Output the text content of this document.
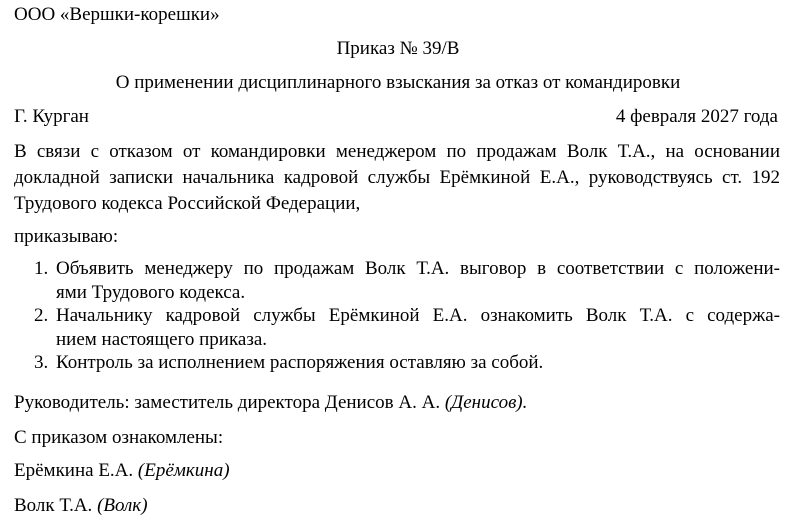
ООО «Вершки-корешки»
Приказ № 39/В
О применении дисциплинарного взыскания за отказ от командировки
Г. Курган	4 февраля 2027 года
В связи с отказом от командировки менеджером по продажам Волк Т.А., на основании
докладной записки начальника кадровой службы Ерёмкиной Е.А., руководствуясь ст. 192
Трудового кодекса Российской Федерации,
приказываю:
1. Объявить менеджеру по продажам Волк Т.А. выговор в соответствии с положени-
ями Трудового кодекса.
2. Начальнику кадровой службы Ерёмкиной Е.А. ознакомить Волк Т.А. с содержа-
нием настоящего приказа.
3. Контроль за исполнением распоряжения оставляю за собой.
Руководитель: заместитель директора Денисов А. А. (Денисов).
С приказом ознакомлены:
Ерёмкина Е.А. (Ерёмкина)
Волк Т.А. (Волк)
